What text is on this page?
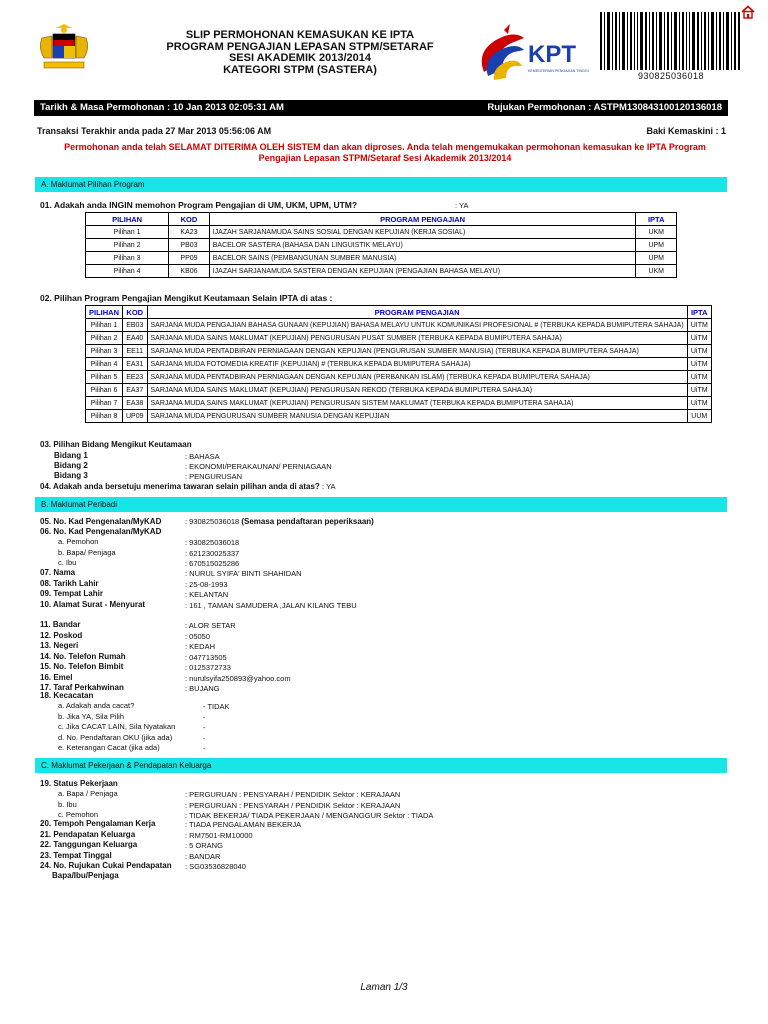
SLIP PERMOHONAN KEMASUKAN KE IPTA
PROGRAM PENGAJIAN LEPASAN STPM/SETARAF
SESI AKADEMIK 2013/2014
KATEGORI STPM (SASTERA)
KPT
KEMENTERIAN PENGAJIAN TINGGI	930825036018
Tarikh & Masa Permohonan : 10 Jan 2013 02:05:31 AM	Rujukan Permohonan : ASTPM130843100120136018
Transaksi Terakhir anda pada 27 Mar 2013 05:56:06 AM	Baki Kemaskini : 1
Permohonan anda telah SELAMAT DITERIMA OLEH SISTEM dan akan diproses. Anda telah mengemukakan permohonan kemasukan ke IPTA Program Pengajian Lepasan STPM/Setaraf Sesi Akademik 2013/2014
A. Maklumat Pilihan Program
01. Adakah anda INGIN memohon Program Pengajian di UM, UKM, UPM, UTM?	: YA
PILIHAN	KOD	PROGRAM PENGAJIAN	IPTA
Pilihan 1	KA23	IJAZAH SARJANAMUDA SAINS SOSIAL DENGAN KEPUJIAN (KERJA SOSIAL)	UKM
Pilihan 2	PB03	BACELOR SASTERA (BAHASA DAN LINGUISTIK MELAYU)	UPM
Pilihan 3	PP09	BACELOR SAINS (PEMBANGUNAN SUMBER MANUSIA)	UPM
Pilihan 4	KB06	IJAZAH SARJANAMUDA SASTERA DENGAN KEPUJIAN (PENGAJIAN BAHASA MELAYU)	UKM
02. Pilihan Program Pengajian Mengikut Keutamaan Selain IPTA di atas :
PILIHAN	KOD	PROGRAM PENGAJIAN	IPTA
Pilihan 1	EB03	SARJANA MUDA PENGAJIAN BAHASA GUNAAN (KEPUJIAN) BAHASA MELAYU UNTUK KOMUNIKASI PROFESIONAL # (TERBUKA KEPADA BUMIPUTERA SAHAJA)	UITM
Pilihan 2	EA40	SARJANA MUDA SAINS MAKLUMAT (KEPUJIAN) PENGURUSAN PUSAT SUMBER (TERBUKA KEPADA BUMIPUTERA SAHAJA)	UiTM
Pilihan 3	EE11	SARJANA MUDA PENTADBIRAN PERNIAGAAN DENGAN KEPUJIAN (PENGURUSAN SUMBER MANUSIA) (TERBUKA KEPADA BUMIPUTERA SAHAJA)	UiTM
Pilihan 4	EA31	SARJANA MUDA FOTOMEDIA KREATIF (KEPUJIAN) # (TERBUKA KEPADA BUMIPUTERA SAHAJA)	UiTM
Pilihan 5	EE23	SARJANA MUDA PENTADBIRAN PERNIAGAAN DENGAN KEPUJIAN (PERBANKAN ISLAM) (TERBUKA KEPADA BUMIPUTERA SAHAJA)	UiTM
Pilihan 6	EA37	SARJANA MUDA SAINS MAKLUMAT (KEPUJIAN) PENGURUSAN REKOD (TERBUKA KEPADA BUMIPUTERA SAHAJA)	UiTM
Pilihan 7	EA38	SARJANA MUDA SAINS MAKLUMAT (KEPUJIAN) PENGURUSAN SISTEM MAKLUMAT (TERBUKA KEPADA BUMIPUTERA SAHAJA)	UiTM
Pilihan 8	UP09	SARJANA MUDA PENGURUSAN SUMBER MANUSIA DENGAN KEPUJIAN	UUM
03. Pilihan Bidang Mengikut Keutamaan
Bidang 1	: BAHASA
Bidang 2	: EKONOMI/PERAKAUNAN/ PERNIAGAAN
Bidang 3	: PENGURUSAN
04. Adakah anda bersetuju menerima tawaran selain pilihan anda di atas? : YA
B. Maklumat Peribadi
05. No. Kad Pengenalan/MyKAD	: 930825036018 (Semasa pendaftaran peperiksaan)
06. No. Kad Pengenalan/MyKAD
a. Pemohon	: 930825036018
b. Bapa/ Penjaga	: 621230025337
c. Ibu	: 670515025286
07. Nama	: NURUL SYIFA' BINTI SHAHIDAN
08. Tarikh Lahir	: 25-08-1993
09. Tempat Lahir	: KELANTAN
10. Alamat Surat - Menyurat	: 161 , TAMAN SAMUDERA ,JALAN KILANG TEBU
11. Bandar	: ALOR SETAR
12. Poskod	: 05050
13. Negeri	: KEDAH
14. No. Telefon Rumah	: 047713505
15. No. Telefon Bimbit	: 0125372733
16. Emel	: nurulsyifa250893@yahoo.com
17. Taraf Perkahwinan	: BUJANG
18. Kecacatan
a. Adakah anda cacat?	- TIDAK
b. Jika YA, Sila Pilih	-
c. Jika CACAT LAIN, Sila Nyatakan	-
d. No. Pendaftaran OKU (jika ada)	-
e. Keterangan Cacat (jika ada)	-
C. Maklumat Pekerjaan & Pendapatan Keluarga
19. Status Pekerjaan
a. Bapa / Penjaga	: PERGURUAN : PENSYARAH / PENDIDIK Sektor : KERAJAAN
b. Ibu	: PERGURUAN : PENSYARAH / PENDIDIK Sektor : KERAJAAN
c. Pemohon	: TIDAK BEKERJA/ TIADA PEKERJAAN / MENGANGGUR Sektor : TIADA
20. Tempoh Pengalaman Kerja	: TIADA PENGALAMAN BEKERJA
21. Pendapatan Keluarga	: RM7501-RM10000
22. Tanggungan Keluarga	: 5 ORANG
23. Tempat Tinggal	: BANDAR
24. No. Rujukan Cukai Pendapatan : SG03536828040
Bapa/Ibu/Penjaga
Laman 1/3
